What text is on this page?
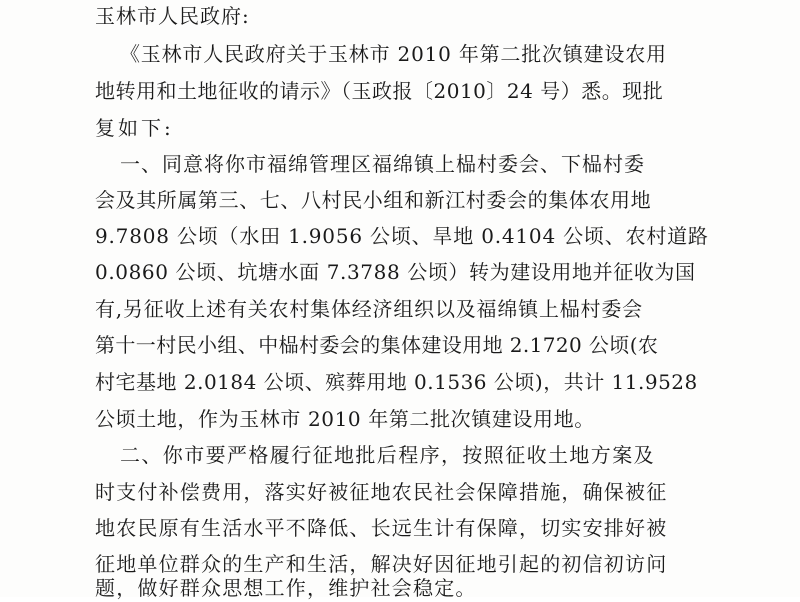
玉林市人民政府:
《玉林市人民政府关于玉林市 2010 年第二批次镇建设农用
地转用和土地征收的请示》（玉政报〔2010〕24 号）悉。现批
复如下:
一、同意将你市福绵管理区福绵镇上榀村委会、下榀村委
会及其所属第三、七、八村民小组和新江村委会的集体农用地
9.7808 公顷（水田 1.9056 公顷、旱地 0.4104 公顷、农村道路
0.0860 公顷、坑塘水面 7.3788 公顷）转为建设用地并征收为国
有,另征收上述有关农村集体经济组织以及福绵镇上榀村委会
第十一村民小组、中榀村委会的集体建设用地 2.1720 公顷(农
村宅基地 2.0184 公顷、殡葬用地 0.1536 公顷)，共计 11.9528
公顷土地，作为玉林市 2010 年第二批次镇建设用地。
二、你市要严格履行征地批后程序，按照征收土地方案及
时支付补偿费用，落实好被征地农民社会保障措施，确保被征
地农民原有生活水平不降低、长远生计有保障，切实安排好被
征地单位群众的生产和生活，解决好因征地引起的初信初访问
题，做好群众思想工作，维护社会稳定。
